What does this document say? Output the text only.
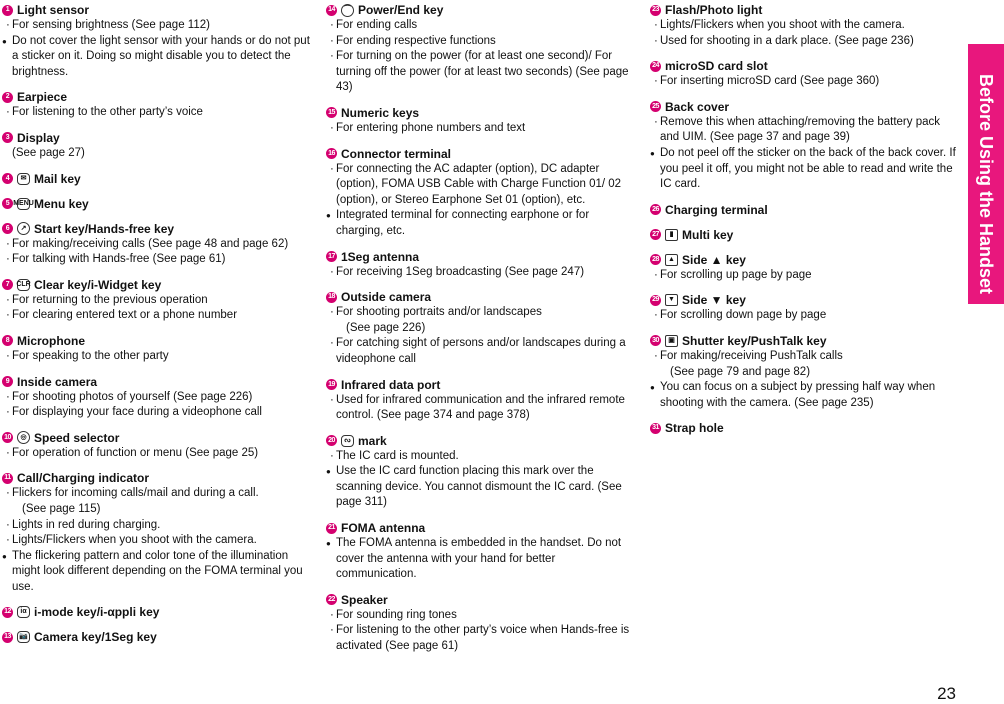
1 Light sensor
· For sensing brightness (See page 112)
● Do not cover the light sensor with your hands or do not put a sticker on it. Doing so might disable you to detect the brightness.
2 Earpiece
· For listening to the other party’s voice
3 Display
(See page 27)
4	✉ Mail key
5 MENU Menu key
6	↗ Start key/Hands-free key
· For making/receiving calls (See page 48 and page 62)
· For talking with Hands-free (See page 61)
7	CLR Clear key/i-Widget key
· For returning to the previous operation
· For clearing entered text or a phone number
8 Microphone
· For speaking to the other party
9 Inside camera
· For shooting photos of yourself (See page 226)
· For displaying your face during a videophone call
10	◎ Speed selector
· For operation of function or menu (See page 25)
11 Call/Charging indicator
· Flickers for incoming calls/mail and during a call.
(See page 115)
· Lights in red during charging.
· Lights/Flickers when you shoot with the camera.
● The flickering pattern and color tone of the illumination might look different depending on the FOMA terminal you use.
12	iα i-mode key/i-αppli key
13	📷 Camera key/1Seg key
14	⌒ Power/End key
· For ending calls
· For ending respective functions
· For turning on the power (for at least one second)/ For turning off the power (for at least two seconds) (See page 43)
15 Numeric keys
· For entering phone numbers and text
16 Connector terminal
· For connecting the AC adapter (option), DC adapter (option), FOMA USB Cable with Charge Function 01/ 02 (option), or Stereo Earphone Set 01 (option), etc.
● Integrated terminal for connecting earphone or for charging, etc.
17 1Seg antenna
· For receiving 1Seg broadcasting (See page 247)
18 Outside camera
· For shooting portraits and/or landscapes
(See page 226)
· For catching sight of persons and/or landscapes during a videophone call
19 Infrared data port
· Used for infrared communication and the infrared remote control. (See page 374 and page 378)
20	ᔓ mark
· The IC card is mounted.
● Use the IC card function placing this mark over the scanning device. You cannot dismount the IC card. (See page 311)
21 FOMA antenna
● The FOMA antenna is embedded in the handset. Do not cover the antenna with your hand for better communication.
22 Speaker
· For sounding ring tones
· For listening to the other party’s voice when Hands-free is activated (See page 61)
23 Flash/Photo light
· Lights/Flickers when you shoot with the camera.
· Used for shooting in a dark place. (See page 236)
24 microSD card slot
· For inserting microSD card (See page 360)
25 Back cover
· Remove this when attaching/removing the battery pack and UIM. (See page 37 and page 39)
● Do not peel off the sticker on the back of the back cover. If you peel it off, you might not be able to read and write the IC card.
26 Charging terminal
27	▮ Multi key
28	▲ Side ▲ key
· For scrolling up page by page
29	▼ Side ▼ key
· For scrolling down page by page
30	▣ Shutter key/PushTalk key
· For making/receiving PushTalk calls
(See page 79 and page 82)
● You can focus on a subject by pressing half way when shooting with the camera. (See page 235)
31 Strap hole
Before Using the Handset
23
